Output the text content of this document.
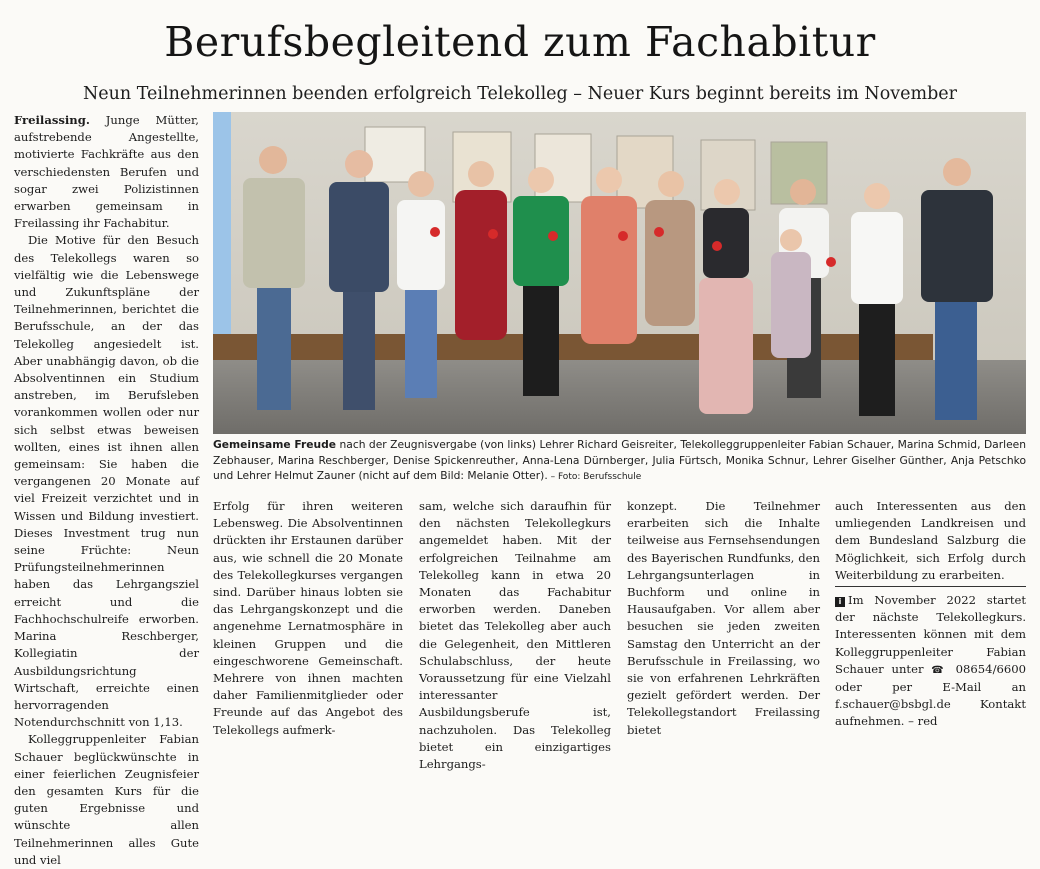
Berufsbegleitend zum Fachabitur
Neun Teilnehmerinnen beenden erfolgreich Telekolleg – Neuer Kurs beginnt bereits im November

Freilassing. Junge Mütter, aufstrebende Angestellte, motivierte Fachkräfte aus den verschiedensten Berufen und sogar zwei Polizistinnen erwarben gemeinsam in Freilassing ihr Fachabitur.

Die Motive für den Besuch des Telekollegs waren so vielfältig wie die Lebenswege und Zukunftspläne der Teilnehmerinnen, berichtet die Berufsschule, an der das Telekolleg angesiedelt ist. Aber unabhängig davon, ob die Absolventinnen ein Studium anstreben, im Berufsleben vorankommen wollen oder nur sich selbst etwas beweisen wollten, eines ist ihnen allen gemeinsam: Sie haben die vergangenen 20 Monate auf viel Freizeit verzichtet und in Wissen und Bildung investiert. Dieses Investment trug nun seine Früchte: Neun Prüfungsteilnehmerinnen haben das Lehrgangsziel erreicht und die Fachhochschulreife erworben. Marina Reschberger, Kollegiatin der Ausbildungsrichtung Wirtschaft, erreichte einen hervorragenden Notendurchschnitt von 1,13.

Kolleggruppenleiter Fabian Schauer beglückwünschte in einer feierlichen Zeugnisfeier den gesamten Kurs für die guten Ergebnisse und wünschte allen Teilnehmerinnen alles Gute und viel

Gemeinsame Freude nach der Zeugnisvergabe (von links) Lehrer Richard Geisreiter, Telekolleggruppenleiter Fabian Schauer, Marina Schmid, Darleen Zebhauser, Marina Reschberger, Denise Spickenreuther, Anna-Lena Dürnberger, Julia Fürtsch, Monika Schnur, Lehrer Giselher Günther, Anja Petschko und Lehrer Helmut Zauner (nicht auf dem Bild: Melanie Otter). – Foto: Berufsschule

Erfolg für ihren weiteren Lebensweg. Die Absolventinnen drückten ihr Erstaunen darüber aus, wie schnell die 20 Monate des Telekollegkurses vergangen sind. Darüber hinaus lobten sie das Lehrgangskonzept und die angenehme Lernatmosphäre in kleinen Gruppen und die eingeschworene Gemeinschaft. Mehrere von ihnen machten daher Familienmitglieder oder Freunde auf das Angebot des Telekollegs aufmerk-

sam, welche sich daraufhin für den nächsten Telekollegkurs angemeldet haben. Mit der erfolgreichen Teilnahme am Telekolleg kann in etwa 20 Monaten das Fachabitur erworben werden. Daneben bietet das Telekolleg aber auch die Gelegenheit, den Mittleren Schulabschluss, der heute Voraussetzung für eine Vielzahl interessanter Ausbildungsberufe ist, nachzuholen. Das Telekolleg bietet ein einzigartiges Lehrgangs-

konzept. Die Teilnehmer erarbeiten sich die Inhalte teilweise aus Fernsehsendungen des Bayerischen Rundfunks, den Lehrgangsunterlagen in Buchform und online in Hausaufgaben. Vor allem aber besuchen sie jeden zweiten Samstag den Unterricht an der Berufsschule in Freilassing, wo sie von erfahrenen Lehrkräften gezielt gefördert werden. Der Telekollegstandort Freilassing bietet

auch Interessenten aus den umliegenden Landkreisen und dem Bundesland Salzburg die Möglichkeit, sich Erfolg durch Weiterbildung zu erarbeiten.

i Im November 2022 startet der nächste Telekollegkurs. Interessenten können mit dem Kolleggruppenleiter Fabian Schauer unter ☎ 08654/6600 oder per E-Mail an f.schauer@bsbgl.de Kontakt aufnehmen. – red
